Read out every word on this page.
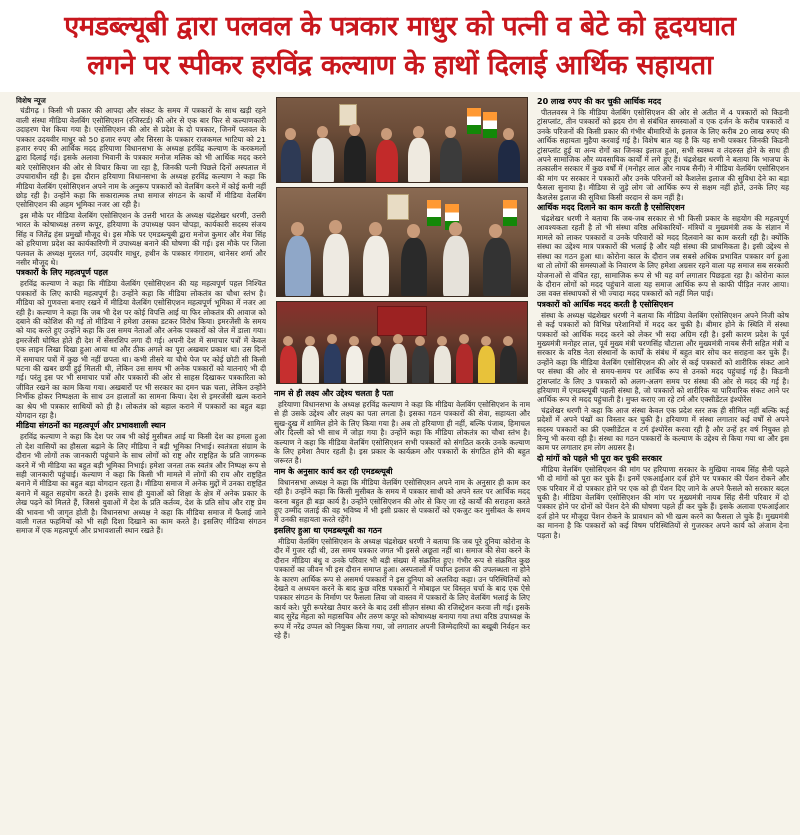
एमडब्ल्यूबी द्वारा पलवल के पत्रकार माधुर को पत्नी व बेटे को हृदयघात
लगने पर स्पीकर हरविंद्र कल्याण के हाथों दिलाई आर्थिक सहायता

विशेष न्यूज

चंडीगढ़ । किसी भी प्रकार की आपदा और संकट के समय में पत्रकारों के साथ खड़ी रहने वाली संस्था मीडिया वेलबिंग एसोसिएशन (रजिस्टर्ड) की ओर से एक बार फिर से कल्याणकारी उदाहरण पेश किया गया है। एसोसिएशन की ओर से प्रदेश के दो पत्रकार, जिनमें पलवल के पत्रकार उदयवीर माधुर को 50 हजार रुपए और सिरसा के पत्रकार राजकमल भाटिया को 21 हजार रुपए की आर्थिक मदद हरियाणा विधानसभा के अध्यक्ष हरविंद्र कल्याण के करकमलों द्वारा दिलाई गई। इसके अलावा भिवानी के पत्रकार मनोज मलिक को भी आर्थिक मदद करने बारे एसोसिएशन की ओर से विचार किया जा रहा है, जिनकी पत्नी पिछले दिनों अस्पताल में उपचाराधीन रही है। इस दौरान हरियाणा विधानसभा के अध्यक्ष हरविंद्र कल्याण ने कहा कि मीडिया वेलबिंग एसोसिएशन अपने नाम के अनुरूप पत्रकारों को वेलबिंग करने में कोई कमी नहीं छोड़ रही है। उन्होंने कहा कि सकारात्मक तथा समाज संगठन के कार्यों में मीडिया वेलबिंग एसोसिएशन की अहम भूमिका नजर आ रही है।

इस मौके पर मीडिया वेलबिंग एसोसिएशन के उत्तरी भारत के अध्यक्ष चंद्रशेखर धरणी, उत्तरी भारत के कोषाध्यक्ष तरुण कपूर, हरियाणा के उपाध्यक्ष पवन चोपड़ा, कार्यकारी सदस्य संजय सिंह व जितेंद्र हंस प्रमुखों मौजूद थे। इस मौके पर एमडब्ल्यूबी द्वारा मनोज कुमार और मेवा सिंह को हरियाणा प्रदेश का कार्यकारिणी में उपाध्यक्ष बनाने की घोषणा की गई। इस मौके पर जिला पलवल के अध्यक्ष मुरलत गर्ग, उदयवीर माधुर, हथीन के पत्रकार गंगाराम, थानेसर शर्मा और नसीर मौजूद थे।

पत्रकारों के लिए महत्वपूर्ण पहल

हरविंद्र कल्याण ने कहा कि मीडिया वेलबिंग एसोसिएशन की यह महत्वपूर्ण पहल निश्चित पत्रकारों के लिए काफी महत्वपूर्ण है। उन्होंने कहा कि मीडिया लोकतंत्र का चौथा स्तंभ है। मीडिया को गुणवत्ता बनाए रखने में मीडिया वेलबिंग एसोसिएशन महत्वपूर्ण भूमिका में नजर आ रही है। कल्याण ने कहा कि जब भी देश पर कोई विपत्ति आई या फिर लोकतंत्र की आवाज को दबाने की कोशिश की गई तो मीडिया ने हमेशा उसका डटकर विरोध किया। इमरजेंसी के समय को याद करते हुए उन्होंने कहा कि उस समय नेताओं और अनेक पत्रकारों को जेल में डाला गया। इमरजेंसी घोषित होते ही देश में सेंसरशिप लगा दी गई। अपनी देश में समाचार पत्रों में केवल एक लाइन लिखा दिखा हुआ आया था और ठीक अगले का पूरा अखबार प्रकाश था। उस दिनों में समाचार पत्रों में कुछ भी नहीं छपता था। कभी तीसरे या चौथे पेज पर कोई छोटी सी किसी घटना की खबर छपी हुई मिलती थी, लेकिन उस समय भी अनेक पत्रकारों को यातनाएं भी दी गई। परंतु इस पर भी समाचार पत्रों और पत्रकारों की ओर से साहस दिखाकर पत्रकारिता को जीवित रखने का काम किया गया। अखबारों पर भी सरकार का दमन चक्र चला, लेकिन उन्होंने निर्भीक होकर निष्पक्षता के साथ उन हालातों का सामना किया। देश से इमरजेंसी खत्म कराने का श्रेय भी पत्रकार साथियों को ही है। लोकतंत्र को बहाल कराने में पत्रकारों का बहुत बड़ा योगदान रहा है।

मीडिया संगठनों का महत्वपूर्ण और प्रभावशाली स्थान

हरविंद्र कल्याण ने कहा कि देश पर जब भी कोई मुसीबत आई या किसी देश का हमला हुआ तो देश वासियों का हौसला बढ़ाने के लिए मीडिया ने बड़ी भूमिका निभाई। स्वतंत्रता संग्राम के दौरान भी लोगों तक जानकारी पहुंचाने के साथ लोगों को राष्ट्र और राष्ट्रहित के प्रति जागरूक करने में भी मीडिया का बहुत बड़ी भूमिका निभाई। हमेशा जनता तक स्वतंत्र और निष्पक्ष रूप से सही जानकारी पहुंचाई। कल्याण ने कहा कि किसी भी मामले में लोगों की राय और राष्ट्रहित बनाने में मीडिया का बहुत बड़ा योगदान रहता है। मीडिया समाज में अनेक मुद्दों में उनका राष्ट्रहित बनाने में बहुत सहयोग करते है। इसके साथ ही युवाओं को शिक्षा के क्षेत्र में अनेक प्रकार के लेख पढ़ने को मिलते हैं, जिससे युवाओं में देश के प्रति कर्तव्य, देश के प्रति सोच और राष्ट्र प्रेम की भावना भी जागृत होती है। विधानसभा अध्यक्ष ने कहा कि मीडिया समाज में फैलाई जाने वाली गलत फहमियों को भी सही दिशा दिखाने का काम करते है। इसलिए मीडिया संगठन समाज में एक महत्वपूर्ण और प्रभावशाली स्थान रखते हैं।

नाम से ही लक्ष्य और उद्देश्य चलता है पता

हरियाणा विधानसभा के अध्यक्ष हरविंद्र कल्याण ने कहा कि मीडिया वेलबिंग एसोसिएशन के नाम से ही उसके उद्देश्य और लक्ष्य का पता लगता है। इसका गठन पत्रकारों की सेवा, सहायता और सुख-दुख में शामिल होने के लिए किया गया है। अब तो हरियाणा ही नहीं, बल्कि पंजाब, हिमाचल और दिल्ली को भी साथ में जोड़ा गया है। उन्होंने कहा कि मीडिया लोकतंत्र का चौथा स्तंभ है। कल्याण ने कहा कि मीडिया वेलबिंग एसोसिएशन सभी पत्रकारों को संगठित करके उनके कल्याण के लिए हमेशा तैयार रहती है। इस प्रकार के कार्यक्रम और पत्रकारों के संगठित होने की बहुत जरूरत है।

नाम के अनुसार कार्य कर रही एमडब्ल्यूबी

विधानसभा अध्यक्ष ने कहा कि मीडिया वेलबिंग एसोसिएशन अपने नाम के अनुसार ही काम कर रही है। उन्होंने कहा कि किसी मुसीबत के समय में पत्रकार साथी को अपने स्तर पर आर्थिक मदद करना बहुत ही बड़ा कार्य है। उन्होंने एसोसिएशन की ओर से किए जा रहे कार्यों की सराहना करते हुए उम्मीद जताई की वह भविष्य में भी इसी प्रकार से पत्रकारों को एकजुट कर मुसीबत के समय में उनकी सहायता करते रहेंगे।

इसलिए हुआ था एमडब्ल्यूबी का गठन

मीडिया वेलबिंग एसोसिएशन के अध्यक्ष चंद्रशेखर धरणी ने बताया कि जब पूरे दुनिया कोरोना के दौर में गुजर रही थी, उस समय पत्रकार जगत भी इससे अछूता नहीं था। समाज की सेवा करने के दौरान मीडिया बंधु व उनके परिवार भी बड़ी संख्या में संक्रमित हुए। गंभीर रूप से संक्रमित कुछ पत्रकारों का जीवन भी इस दौरान समाप्त हुआ। अस्पतालों में पर्याप्त इलाज की उपलब्धता ना होने के कारण आर्थिक रूप से असमर्थ पत्रकारों ने इस दुनिया को अलविदा कहा। उन परिस्थितियों को देखते व अध्ययन करने के बाद कुछ वरिष्ठ पत्रकारों ने मोबाइल पर विस्तृत चर्चा के बाद एक ऐसे पत्रकार संगठन के निर्माण पर फैसला लिया जो वास्तव में पत्रकारों के लिए वेलबिंग भलाई के लिए कार्य करे। पूरी रूपरेखा तैयार करने के बाद उसी सीज़न संस्था की रजिस्ट्रेशन करवा ली गई। इसके बाद सुरेंद्र मेहता को महासचिव और तरुण कपूर को कोषाध्यक्ष बनाया गया तथा वरिष्ठ उपाध्यक्ष के रूप में नरेंद्र उप्पल को नियुक्त किया गया, जो लगातार अपनी जिम्मेदारियों का बखूबी निर्वहन कर रहे हैं।

20 लाख रुपए की कर चुकी आर्थिक मदद

पीतलवस्त्र ने कि मीडिया वेलबिंग एसोसिएशन की ओर से अतीत में 4 पत्रकारों को किडनी ट्रांसप्लांट, तीन पत्रकारों को ह्रदय रोग से संबंधित समस्याओं व एक दर्जन के करीब पत्रकारों व उनके परिजनों की किसी प्रकार की गंभीर बीमारियों के इलाज के लिए करीब 20 लाख रुपए की आर्थिक सहायता मुहैया करवाई गई है। विशेष बात यह है कि यह सभी पत्रकार जिनकी किडनी ट्रांसप्लांट हुई या अन्य रोगों का जिनका इलाज हुआ, सभी स्वस्थ्य व तंदरुस्त होने के साथ ही अपने सामाजिक और व्यवसायिक कार्यों में लगे हुए हैं। चंद्रशेखर धरणी ने बताया कि भाजपा के तत्कालीन सरकार में कुछ वर्षों में (मनोहर लाल और नायब सैनी) ने मीडिया वेलबिंग एसोसिएशन की मांग पर सरकार ने पत्रकारों और उनके परिजनों को कैशलेस इलाज की सुविधा देने का बड़ा फैसला सुनाया है। मीडिया से जुड़े लोग जो आर्थिक रूप से सक्षम नहीं होते, उनके लिए यह कैशलेस इलाज की सुविधा किसी वरदान से कम नहीं है।

आर्थिक मदद दिलाने का काम करती है एसोसिएशन

चंद्रशेखर धरणी ने बताया कि जब-जब सरकार से भी किसी प्रकार के सहयोग की महत्वपूर्ण आवश्यकता रहती है तो भी संस्था वरिष्ठ अधिकारियों- मंत्रियों व मुख्यमंत्री तक के संज्ञान में मामले को लाकर पत्रकारों व उनके परिवारों को मदद दिलवाने का काम करती रही है। क्योंकि संस्था का उद्देश्य मात्र पत्रकारों की भलाई है और यही संस्था की प्राथमिकता है। इसी उद्देश्य से संस्था का गठन हुआ था। कोरोना काल के दौरान जब सबसे अधिक प्रभावित पत्रकार वर्ग हुआ था तो लोगों की समस्याओं के निवारण के लिए हमेशा अग्रसर रहने वाला यह समाज सब सरकारी योजनाओं से वंचित रहा, सामाजिक रूप से भी यह वर्ग लगातार पिछड़ता रहा है। कोरोना काल के दौरान लोगों को मदद पहुंचाने वाला यह समाज आर्थिक रूप से काफी पीड़ित नजर आया। उस वक्त संस्थापकों से भी ज्यादा मदद पत्रकारों को नहीं मिल पाई।

पत्रकारों को आर्थिक मदद करती है एसोसिएशन

संस्था के अध्यक्ष चंद्रशेखर धरणी ने बताया कि मीडिया वेलबिंग एसोसिएशन अपने निजी कोष से कई पत्रकारों को विभिन्न परेशानियों में मदद कर चुकी है। बीमार होने के स्थिति में संस्था पत्रकारों को आर्थिक मदद करने को लेकर भी सदा अग्रिम रही है। इसी कारण प्रदेश के पूर्व मुख्यमंत्री मनोहर लाल, पूर्व मुख्य मंत्री चरणसिंह चौटाला और मुख्यमंत्री नायब सैनी सहित मंत्री व सरकार के वरिष्ठ नेता संस्थानों के कार्यों के संबंध में बहुत बार सोच कर सराहना कर चुके हैं। उन्होंने कहा कि मीडिया वेलबिंग एसोसिएशन की ओर से कई पत्रकारों को शारीरिक संकट आने पर संस्था की ओर से समय-समय पर आर्थिक रूप से उनको मदद पहुंचाई गई है। किडनी ट्रांसप्लांट के लिए 3 पत्रकारों को अलग-अलग समय पर संस्था की ओर से मदद की गई है। हरियाणा में एमडब्ल्यूबी पहली संस्था है, जो पत्रकारों को शारीरिक या पारिवारिक संकट आने पर आर्थिक रूप से मदद पहुंचाती है। मुफ्त कराए जा रहे टर्म और एक्सीडेंटल इंश्योरेंस

चंद्रशेखर धरणी ने कहा कि आज संस्था केवल एक प्रदेश स्तर तक ही सीमित नहीं बल्कि कई प्रदेशों में अपने पंखों का विस्तार कर चुकी है। हरियाणा में संस्था लगातार कई वर्षों से अपने सदस्य पत्रकारों का फ्री एक्सीडेंटल व टर्म इंश्योरेंस करवा रही है और उन्हें हर वर्ष नियुक्त हो रिन्यू भी करवा रही है। संस्था का गठन पत्रकारों के कल्याण के उद्देश्य से किया गया था और इस काम पर लगातार हम लोग अग्रसर है।

दो मांगों को पहले भी पूरा कर चुकी सरकार

मीडिया वेलबिंग एसोसिएशन की मांग पर हरियाणा सरकार के मुखिया नायब सिंह सैनी पहले भी दो मांगों को पूरा कर चुके हैं। इनमें एकआईआर दर्ज होने पर पत्रकार की पेंशन रोकने और एक परिवार में दो पत्रकार होने पर एक को ही पेंशन दिए जाने के अपने फैसले को सरकार बदल चुकी है। मीडिया वेलबिंग एसोसिएशन की मांग पर मुख्यमंत्री नायब सिंह सैनी परिवार में दो पत्रकार होने पर दोनों को पेंशन देने की घोषणा पहले ही कर चुके हैं। इसके अलावा एफआईआर दर्ज होने पर मौजूदा पेंशन रोकने के प्रावधान को भी खत्म करने का फैसला ले चुके हैं। मुख्यमंत्री का मानना है कि पत्रकारों को कई विषम परिस्थितियों से गुजरकर अपने कार्य को अंजाम देना पड़ता है।
